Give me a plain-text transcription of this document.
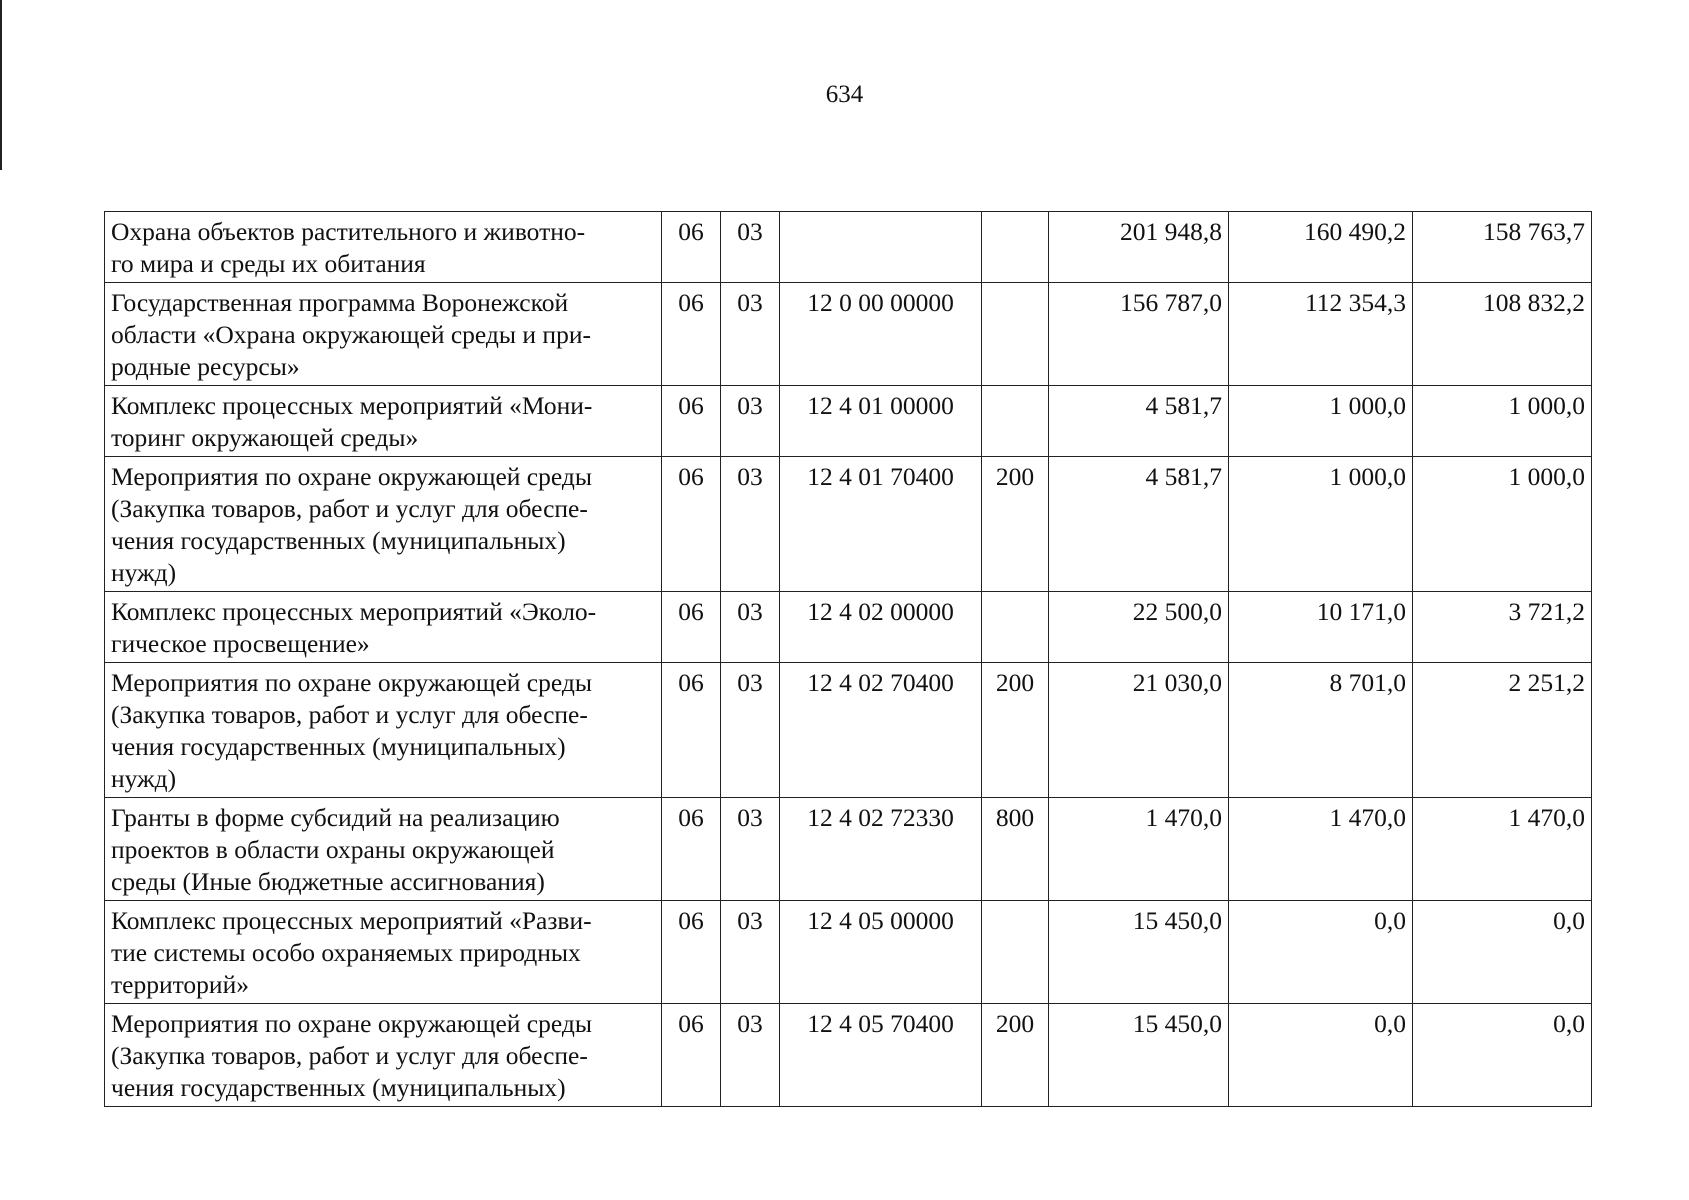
634
Охрана объектов растительного и животно-
го мира и среды их обитания	06	03			201 948,8	160 490,2	158 763,7

Государственная программа Воронежской
области «Охрана окружающей среды и при-
родные ресурсы»	06	03	12 0 00 00000		156 787,0	112 354,3	108 832,2

Комплекс процессных мероприятий «Мони-
торинг окружающей среды»	06	03	12 4 01 00000		4 581,7	1 000,0	1 000,0

Мероприятия по охране окружающей среды
(Закупка товаров, работ и услуг для обеспе-
чения государственных (муниципальных)
нужд)	06	03	12 4 01 70400	200	4 581,7	1 000,0	1 000,0

Комплекс процессных мероприятий «Эколо-
гическое просвещение»	06	03	12 4 02 00000		22 500,0	10 171,0	3 721,2

Мероприятия по охране окружающей среды
(Закупка товаров, работ и услуг для обеспе-
чения государственных (муниципальных)
нужд)	06	03	12 4 02 70400	200	21 030,0	8 701,0	2 251,2

Гранты в форме субсидий на реализацию
проектов в области охраны окружающей
среды (Иные бюджетные ассигнования)	06	03	12 4 02 72330	800	1 470,0	1 470,0	1 470,0

Комплекс процессных мероприятий «Разви-
тие системы особо охраняемых природных
территорий»	06	03	12 4 05 00000		15 450,0	0,0	0,0

Мероприятия по охране окружающей среды
(Закупка товаров, работ и услуг для обеспе-
чения государственных (муниципальных)	06	03	12 4 05 70400	200	15 450,0	0,0	0,0
